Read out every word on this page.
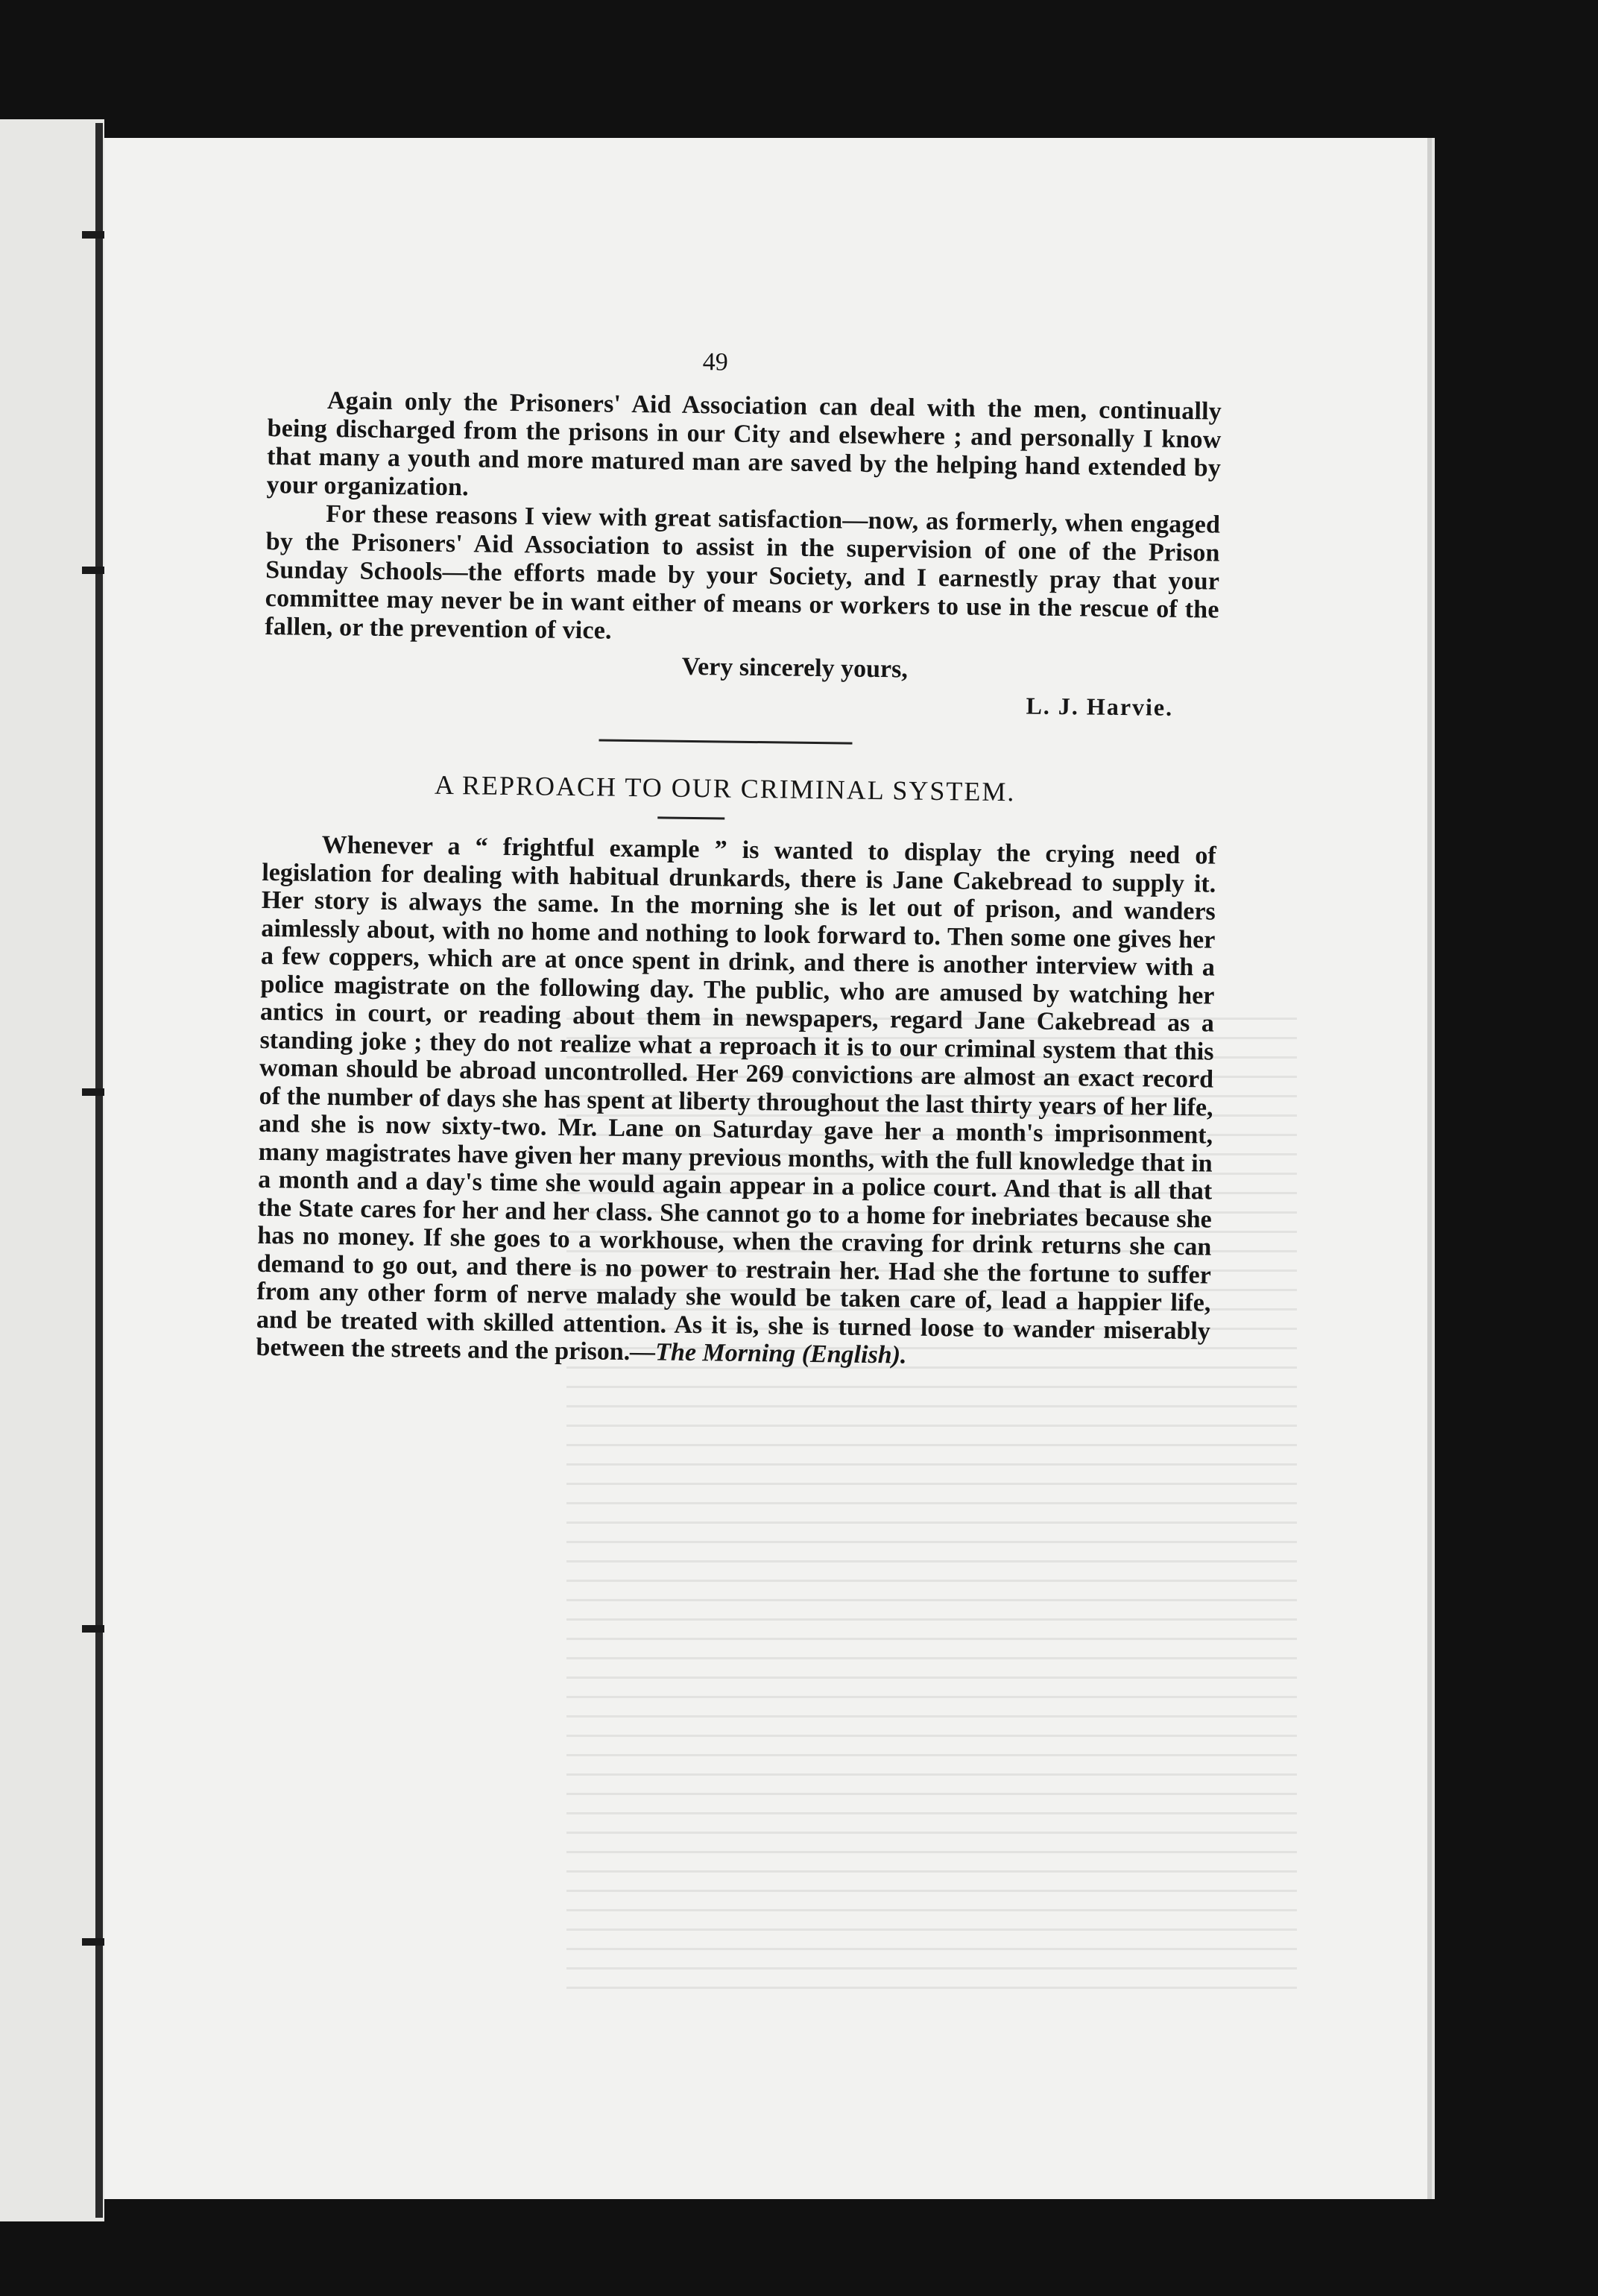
49

Again only the Prisoners' Aid Association can deal with the men, continually being discharged from the prisons in our City and elsewhere ; and personally I know that many a youth and more matured man are saved by the helping hand extended by your organization.

For these reasons I view with great satisfaction—now, as formerly, when engaged by the Prisoners' Aid Association to assist in the supervision of one of the Prison Sunday Schools—the efforts made by your Society, and I earnestly pray that your committee may never be in want either of means or workers to use in the rescue of the fallen, or the prevention of vice.

Very sincerely yours,

L. J. Harvie.

A REPROACH TO OUR CRIMINAL SYSTEM.

Whenever a “ frightful example ” is wanted to display the crying need of legislation for dealing with habitual drunkards, there is Jane Cakebread to supply it. Her story is always the same. In the morning she is let out of prison, and wanders aimlessly about, with no home and nothing to look forward to. Then some one gives her a few coppers, which are at once spent in drink, and there is another interview with a police magistrate on the following day. The public, who are amused by watching her antics in court, or reading about them in newspapers, regard Jane Cakebread as a standing joke ; they do not realize what a reproach it is to our criminal system that this woman should be abroad uncontrolled. Her 269 convictions are almost an exact record of the number of days she has spent at liberty throughout the last thirty years of her life, and she is now sixty-two. Mr. Lane on Saturday gave her a month's imprisonment, many magistrates have given her many previous months, with the full knowledge that in a month and a day's time she would again appear in a police court. And that is all that the State cares for her and her class. She cannot go to a home for inebriates because she has no money. If she goes to a workhouse, when the craving for drink returns she can demand to go out, and there is no power to restrain her. Had she the fortune to suffer from any other form of nerve malady she would be taken care of, lead a happier life, and be treated with skilled attention. As it is, she is turned loose to wander miserably between the streets and the prison.—The Morning (English).
